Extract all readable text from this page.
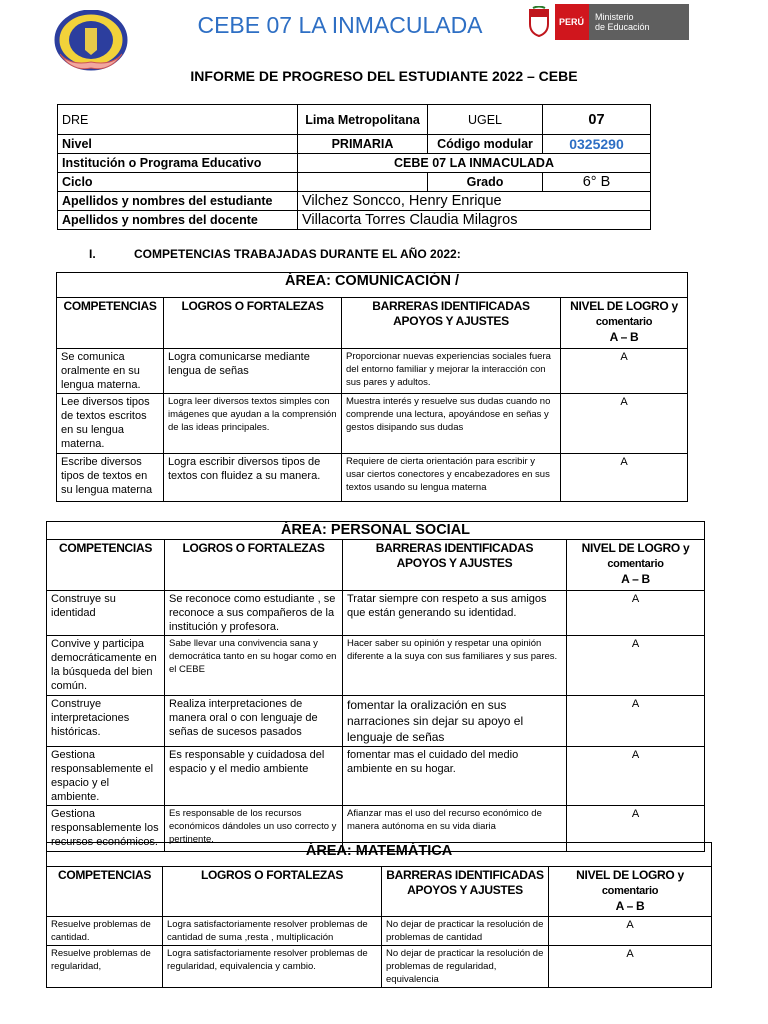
CEBE 07 LA INMACULADA	PERÚ Ministerio
de Educación
INFORME DE PROGRESO DEL ESTUDIANTE 2022 – CEBE
DRE	Lima Metropolitana	UGEL	07
Nivel	PRIMARIA	Código modular	0325290
Institución o Programa Educativo	CEBE 07 LA INMACULADA		
Ciclo		Grado	6° B
Apellidos y nombres del estudiante	Vilchez Soncco, Henry Enrique		
Apellidos y nombres del docente	Villacorta Torres Claudia Milagros		
I.	COMPETENCIAS TRABAJADAS DURANTE EL AÑO 2022:
ÁREA: COMUNICACIÓN /			
COMPETENCIAS	LOGROS O FORTALEZAS	BARRERAS IDENTIFICADAS
APOYOS Y AJUSTES	NIVEL DE LOGRO y
comentario
A – B
Se comunica oralmente en su lengua materna.	Logra comunicarse mediante lengua de señas	Proporcionar nuevas experiencias sociales fuera del entorno familiar y mejorar la interacción con sus pares y adultos.	A
Lee diversos tipos de textos escritos en su lengua materna.	Logra leer diversos textos simples con imágenes que ayudan a la comprensión de las ideas principales.	Muestra interés y resuelve sus dudas cuando no comprende una lectura, apoyándose en señas y gestos disipando sus dudas	A
Escribe diversos tipos de textos en su lengua materna	Logra escribir diversos tipos de textos con fluidez a su manera.	Requiere de cierta orientación para escribir y usar ciertos conectores y encabezadores en sus textos usando su lengua materna	A
ÁREA: PERSONAL SOCIAL			
COMPETENCIAS	LOGROS O FORTALEZAS	BARRERAS IDENTIFICADAS
APOYOS Y AJUSTES	NIVEL DE LOGRO y
comentario
A – B
Construye su identidad	Se reconoce como estudiante , se reconoce a sus compañeros de la institución y profesora.	Tratar siempre con respeto a sus amigos que están generando su identidad.	A
Convive y participa democráticamente en la búsqueda del bien común.	Sabe llevar una convivencia sana y democrática tanto en su hogar como en el CEBE	Hacer saber su opinión y respetar una opinión diferente a la suya con sus familiares y sus pares.	A
Construye interpretaciones históricas.	Realiza interpretaciones de manera oral o con lenguaje de señas de sucesos pasados	fomentar la oralización en sus narraciones sin dejar su apoyo el lenguaje de señas	A
Gestiona responsablemente el espacio y el ambiente.	Es responsable y cuidadosa del espacio y el medio ambiente	fomentar mas el cuidado del medio ambiente en su hogar.	A
Gestiona responsablemente los recursos económicos.	Es responsable de los recursos económicos dándoles un uso correcto y pertinente.	Afianzar mas el uso del recurso económico de manera autónoma en su vida diaria	A
ÁREA: MATEMÁTICA			
COMPETENCIAS	LOGROS O FORTALEZAS	BARRERAS IDENTIFICADAS
APOYOS Y AJUSTES	NIVEL DE LOGRO y
comentario
A – B
Resuelve problemas de cantidad.	Logra satisfactoriamente resolver problemas de cantidad de suma ,resta , multiplicación	No dejar de practicar la resolución de problemas de cantidad	A
Resuelve problemas de regularidad,	Logra satisfactoriamente resolver problemas de regularidad, equivalencia y cambio.	No dejar de practicar la resolución de problemas de regularidad, equivalencia	A
